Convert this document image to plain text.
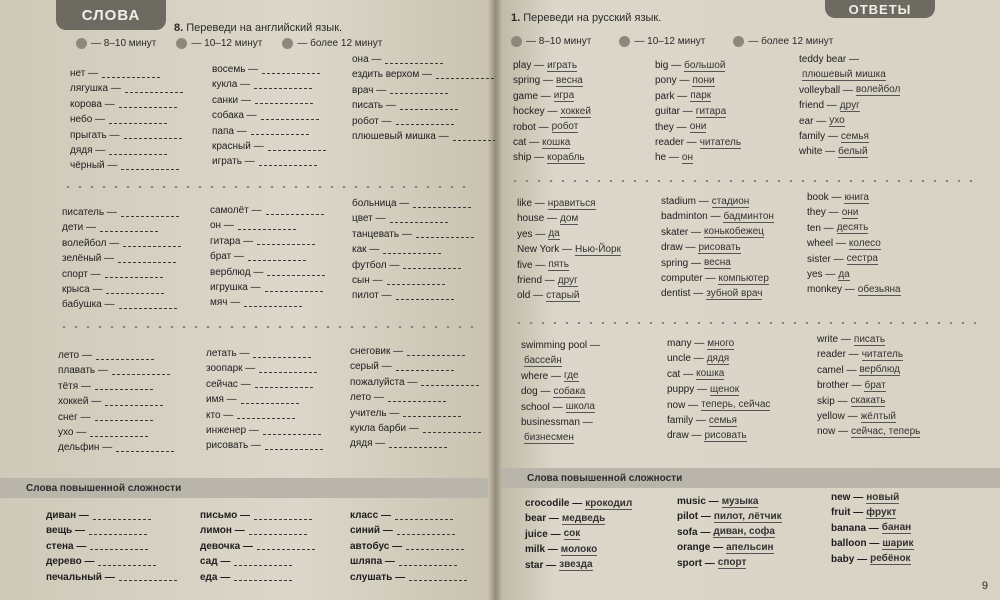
СЛОВА
8. Переведи на английский язык.
— 8–10 минут	— 10–12 минут	— более 12 минут
нет —
лягушка —
корова —
небо —
прыгать —
дядя —
чёрный —
восемь —
кукла —
санки —
собака —
папа —
красный —
играть —
она —
ездить верхом —
врач —
писать —
робот —
плюшевый мишка —
писатель —
дети —
волейбол —
зелёный —
спорт —
крыса —
бабушка —
самолёт —
он —
гитара —
брат —
верблюд —
игрушка —
мяч —
больница —
цвет —
танцевать —
как —
футбол —
сын —
пилот —
лето —
плавать —
тётя —
хоккей —
снег —
ухо —
дельфин —
летать —
зоопарк —
сейчас —
имя —
кто —
инженер —
рисовать —
снеговик —
серый —
пожалуйста —
лето —
учитель —
кукла барби —
дядя —
Слова повышенной сложности
диван —
вещь —
стена —
дерево —
печальный —
письмо —
лимон —
девочка —
сад —
еда —
класс —
синий —
автобус —
шляпа —
слушать —
ОТВЕТЫ
1. Переведи на русский язык.
— 8–10 минут	— 10–12 минут	— более 12 минут
play — играть
spring — весна
game — игра
hockey — хоккей
robot — робот
cat — кошка
ship — корабль
big — большой
pony — пони
park — парк
guitar — гитара
they — они
reader — читатель
he — он
teddy bear —
плюшевый мишка
volleyball — волейбол
friend — друг
ear — ухо
family — семья
white — белый
like — нравиться
house — дом
yes — да
New York — Нью-Йорк
five — пять
friend — друг
old — старый
stadium — стадион
badminton — бадминтон
skater — конькобежец
draw — рисовать
spring — весна
computer — компьютер
dentist — зубной врач
book — книга
they — они
ten — десять
wheel — колесо
sister — сестра
yes — да
monkey — обезьяна
swimming pool —
бассейн
where — где
dog — собака
school — школа
businessman —
бизнесмен
many — много
uncle — дядя
cat — кошка
puppy — щенок
now — теперь, сейчас
family — семья
draw — рисовать
write — писать
reader — читатель
camel — верблюд
brother — брат
skip — скакать
yellow — жёлтый
now — сейчас, теперь
Слова повышенной сложности
crocodile — крокодил
bear — медведь
juice — сок
milk — молоко
star — звезда
music — музыка
pilot — пилот, лётчик
sofa — диван, софа
orange — апельсин
sport — спорт
new — новый
fruit — фрукт
banana — банан
balloon — шарик
baby — ребёнок
9
